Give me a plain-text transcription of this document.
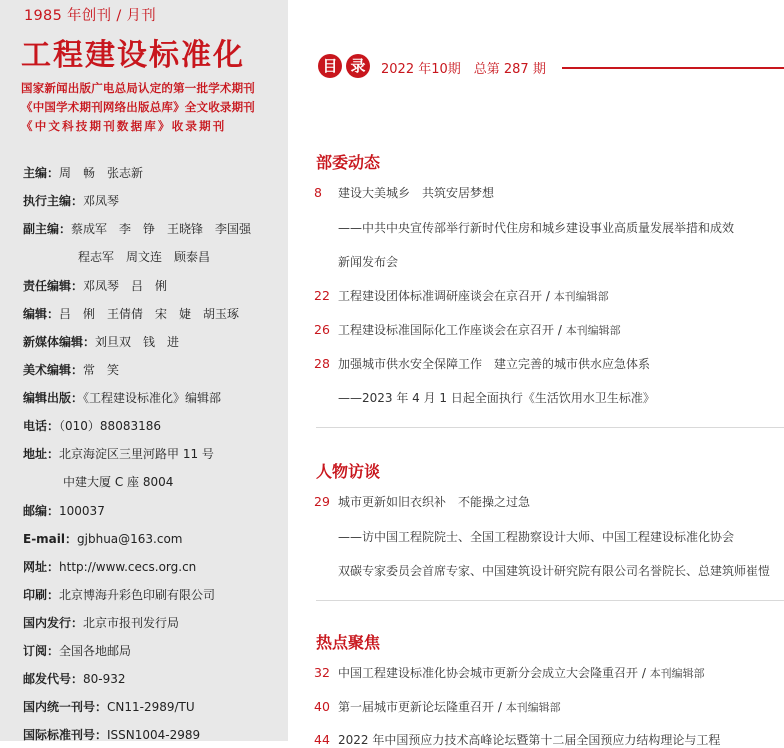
1985 年创刊 / 月刊
工程建设标准化
国家新闻出版广电总局认定的第一批学术期刊
《中国学术期刊网络出版总库》全文收录期刊
《中文科技期刊数据库》收录期刊
主编：周　畅　张志新
执行主编：邓凤琴
副主编：蔡成军　李　铮　王晓锋　李国强
程志军　周文连　顾泰昌
责任编辑：邓凤琴　吕　俐
编辑：吕　俐　王倩倩　宋　婕　胡玉琢
新媒体编辑：刘旦双　钱　进
美术编辑：常　笑
编辑出版：《工程建设标准化》编辑部
电话：（010）88083186
地址：北京海淀区三里河路甲 11 号
中建大厦 C 座 8004
邮编：100037
E-mail：gjbhua@163.com
网址：http://www.cecs.org.cn
印刷：北京博海升彩色印刷有限公司
国内发行：北京市报刊发行局
订阅：全国各地邮局
邮发代号：80-932
国内统一刊号：CN11-2989/TU
国际标准刊号：ISSN1004-2989
目 录	2022 年10期　总第 287 期
部委动态
8 建设大美城乡　共筑安居梦想
——中共中央宣传部举行新时代住房和城乡建设事业高质量发展举措和成效
新闻发布会
22 工程建设团体标准调研座谈会在京召开 / 本刊编辑部
26 工程建设标准国际化工作座谈会在京召开 / 本刊编辑部
28 加强城市供水安全保障工作　建立完善的城市供水应急体系
——2023 年 4 月 1 日起全面执行《生活饮用水卫生标准》
人物访谈
29 城市更新如旧衣织补　不能操之过急
——访中国工程院院士、全国工程勘察设计大师、中国工程建设标准化协会
双碳专家委员会首席专家、中国建筑设计研究院有限公司名誉院长、总建筑师崔愷
热点聚焦
32 中国工程建设标准化协会城市更新分会成立大会隆重召开 / 本刊编辑部
40 第一届城市更新论坛隆重召开 / 本刊编辑部
44 2022 年中国预应力技术高峰论坛暨第十二届全国预应力结构理论与工程
